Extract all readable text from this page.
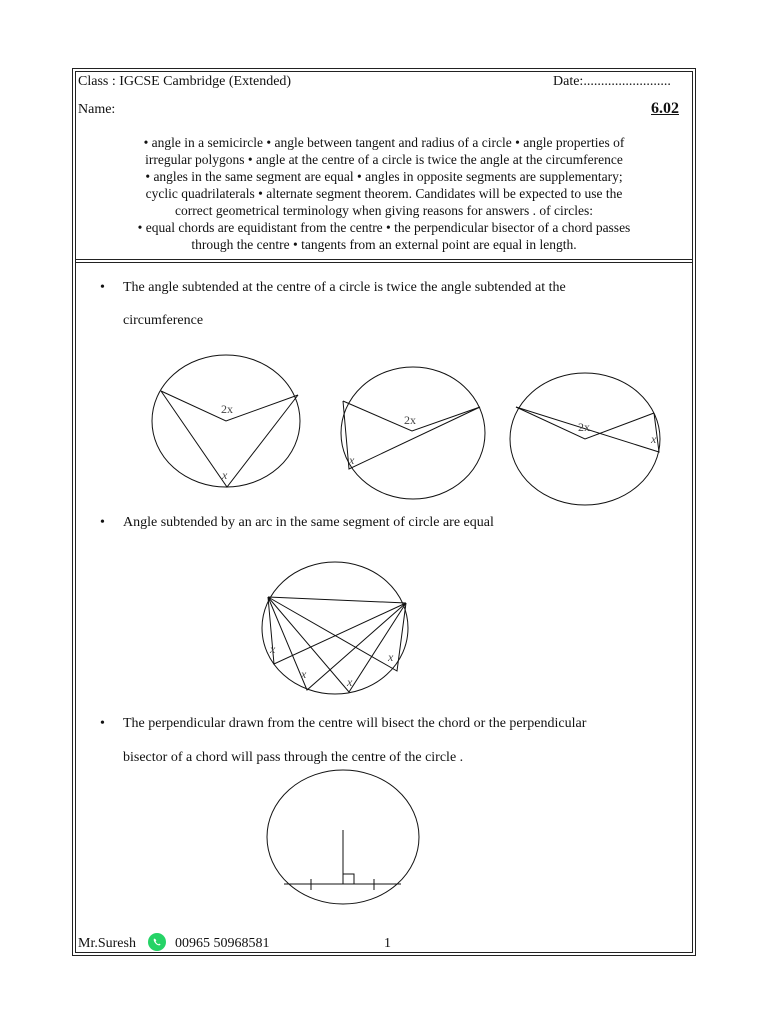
Class : IGCSE Cambridge (Extended)	Date:.........................
Name:	6.02
• angle in a semicircle • angle between tangent and radius of a circle • angle properties of
irregular polygons • angle at the centre of a circle is twice the angle at the circumference
• angles in the same segment are equal • angles in opposite segments are supplementary;
cyclic quadrilaterals • alternate segment theorem. Candidates will be expected to use the
correct geometrical terminology when giving reasons for answers . of circles:
• equal chords are equidistant from the centre • the perpendicular bisector of a chord passes
through the centre • tangents from an external point are equal in length.
• The angle subtended at the centre of a circle is twice the angle subtended at the
circumference
• Angle subtended by an arc in the same segment of circle are equal
• The perpendicular drawn from the centre will bisect the chord or the perpendicular
bisector of a chord will pass through the centre of the circle .
2x
x
2x
x
2x
x
x
x
x
x
Mr.Suresh	00965 50968581	1
